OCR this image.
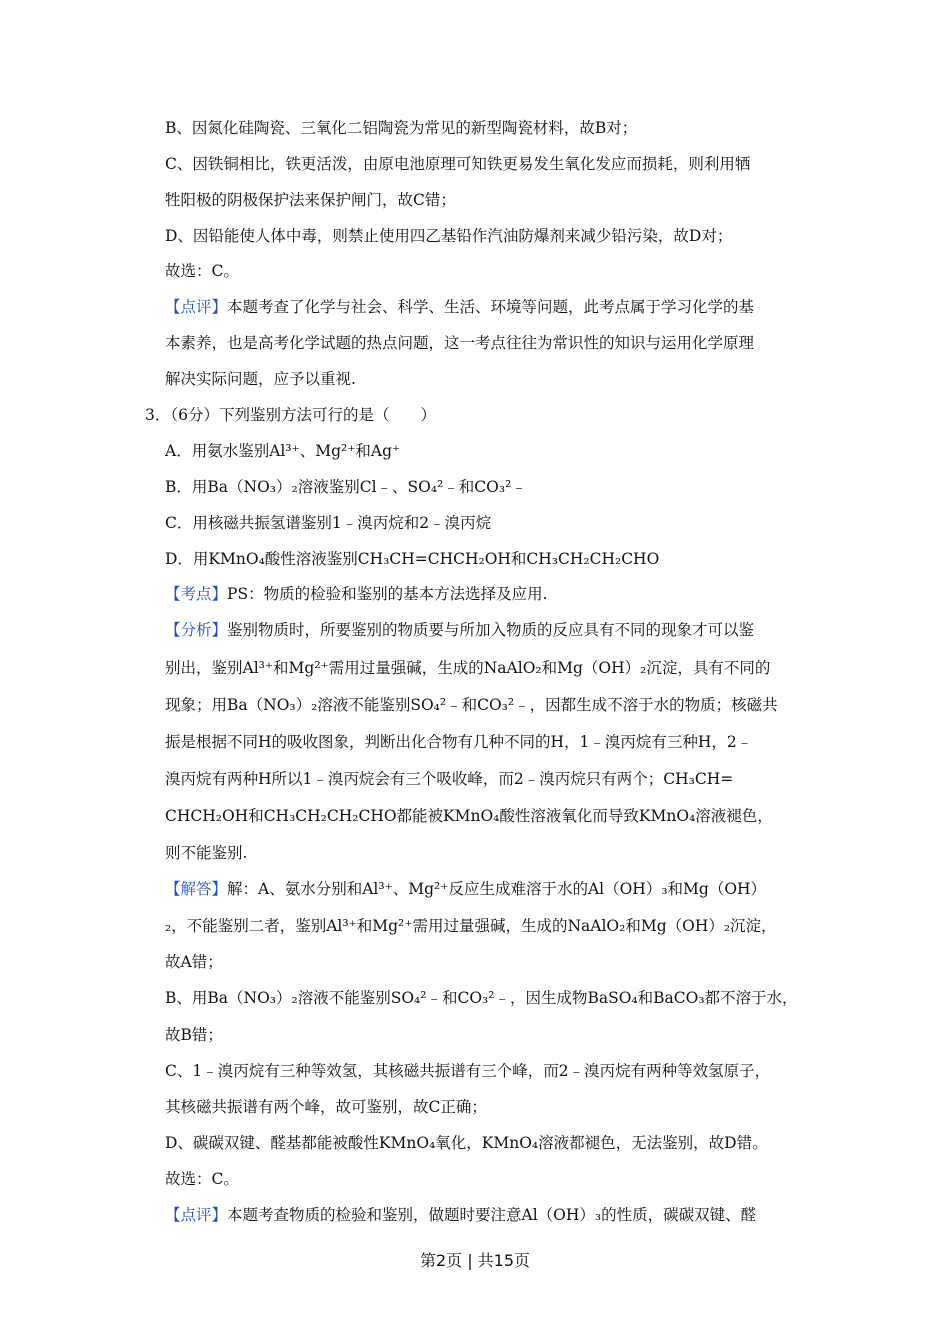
B、因氮化硅陶瓷、三氧化二铝陶瓷为常见的新型陶瓷材料，故B对；
C、因铁铜相比，铁更活泼，由原电池原理可知铁更易发生氧化发应而损耗，则利用牺
牲阳极的阴极保护法来保护闸门，故C错；
D、因铅能使人体中毒，则禁止使用四乙基铅作汽油防爆剂来减少铅污染，故D对；
故选：C。
【点评】本题考查了化学与社会、科学、生活、环境等问题，此考点属于学习化学的基
本素养，也是高考化学试题的热点问题，这一考点往往为常识性的知识与运用化学原理
解决实际问题，应予以重视.
3．（6分）下列鉴别方法可行的是（　　）
A．用氨水鉴别Al³⁺、Mg²⁺和Ag⁺
B．用Ba（NO₃）₂溶液鉴别Cl﹣、SO₄²﹣和CO₃²﹣
C．用核磁共振氢谱鉴别1﹣溴丙烷和2﹣溴丙烷
D．用KMnO₄酸性溶液鉴别CH₃CH=CHCH₂OH和CH₃CH₂CH₂CHO
【考点】PS：物质的检验和鉴别的基本方法选择及应用.
【分析】鉴别物质时，所要鉴别的物质要与所加入物质的反应具有不同的现象才可以鉴
别出，鉴别Al³⁺和Mg²⁺需用过量强碱，生成的NaAlO₂和Mg（OH）₂沉淀，具有不同的
现象；用Ba（NO₃）₂溶液不能鉴别SO₄²﹣和CO₃²﹣，因都生成不溶于水的物质；核磁共
振是根据不同H的吸收图象，判断出化合物有几种不同的H，1﹣溴丙烷有三种H，2﹣
溴丙烷有两种H所以1﹣溴丙烷会有三个吸收峰，而2﹣溴丙烷只有两个；CH₃CH=
CHCH₂OH和CH₃CH₂CH₂CHO都能被KMnO₄酸性溶液氧化而导致KMnO₄溶液褪色，
则不能鉴别.
【解答】解：A、氨水分别和Al³⁺、Mg²⁺反应生成难溶于水的Al（OH）₃和Mg（OH）
₂，不能鉴别二者，鉴别Al³⁺和Mg²⁺需用过量强碱，生成的NaAlO₂和Mg（OH）₂沉淀，
故A错；
B、用Ba（NO₃）₂溶液不能鉴别SO₄²﹣和CO₃²﹣，因生成物BaSO₄和BaCO₃都不溶于水，
故B错；
C、1﹣溴丙烷有三种等效氢，其核磁共振谱有三个峰，而2﹣溴丙烷有两种等效氢原子，
其核磁共振谱有两个峰，故可鉴别，故C正确；
D、碳碳双键、醛基都能被酸性KMnO₄氧化，KMnO₄溶液都褪色，无法鉴别，故D错。
故选：C。
【点评】本题考查物质的检验和鉴别，做题时要注意Al（OH）₃的性质，碳碳双键、醛
第2页 | 共15页
